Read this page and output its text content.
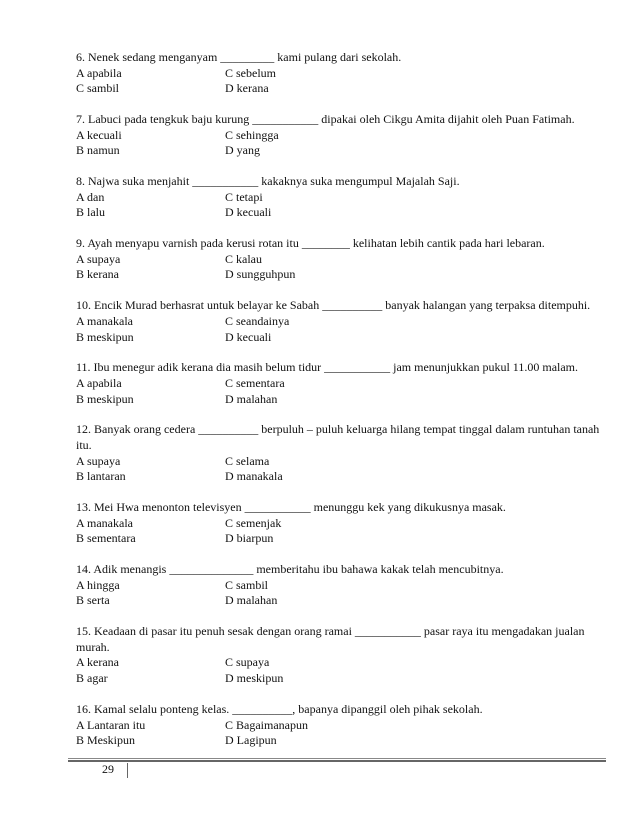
6. Nenek sedang menganyam _________ kami pulang dari sekolah.
A apabila	C sebelum
C sambil	D kerana
7. Labuci pada tengkuk baju kurung ___________ dipakai oleh Cikgu Amita dijahit oleh Puan Fatimah.
A kecuali	C sehingga
B namun	D yang
8. Najwa suka menjahit ___________ kakaknya suka mengumpul Majalah Saji.
A dan	C tetapi
B lalu	D kecuali
9. Ayah menyapu varnish pada kerusi rotan itu ________ kelihatan lebih cantik pada hari lebaran.
A supaya	C kalau
B kerana	D sungguhpun
10. Encik Murad berhasrat untuk belayar ke Sabah __________ banyak halangan yang terpaksa ditempuhi.
A manakala	C seandainya
B meskipun	D kecuali
11. Ibu menegur adik kerana dia masih belum tidur ___________ jam menunjukkan pukul 11.00 malam.
A apabila	C sementara
B meskipun	D malahan
12. Banyak orang cedera __________ berpuluh – puluh keluarga hilang tempat tinggal dalam runtuhan tanah itu.
A supaya	C selama
B lantaran	D manakala
13. Mei Hwa menonton televisyen ___________ menunggu kek yang dikukusnya masak.
A manakala	C semenjak
B sementara	D biarpun
14. Adik menangis ______________ memberitahu ibu bahawa kakak telah mencubitnya.
A hingga	C sambil
B serta	D malahan
15. Keadaan di pasar itu penuh sesak dengan orang ramai ___________ pasar raya itu mengadakan jualan murah.
A kerana	C supaya
B agar	D meskipun
16. Kamal selalu ponteng kelas. __________, bapanya dipanggil oleh pihak sekolah.
A Lantaran itu	C Bagaimanapun
B Meskipun	D Lagipun
29
